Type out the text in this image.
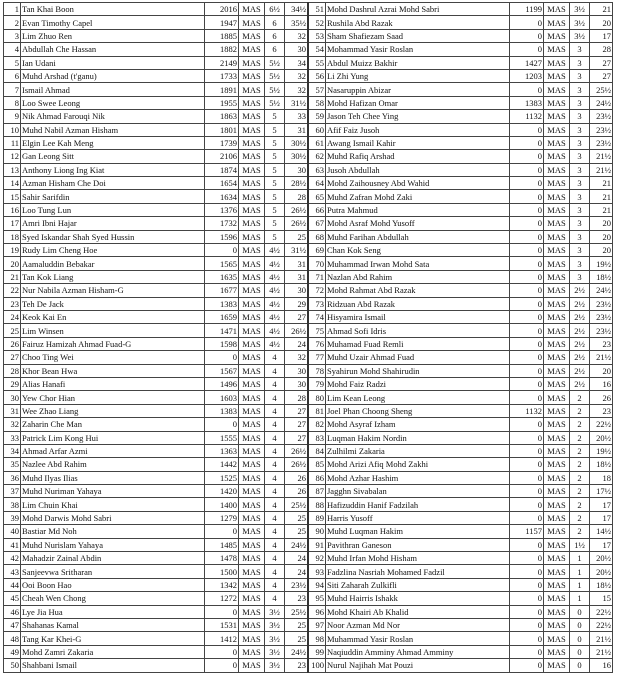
1	Tan Khai Boon	2016	MAS	6½	34½	51	Mohd Dashrul Azrai Mohd Sabri	1199	MAS	3½	21
2	Evan Timothy Capel	1947	MAS	6	35½	52	Rushila Abd Razak	0	MAS	3½	20
3	Lim Zhuo Ren	1885	MAS	6	32	53	Sham Shafiezam Saad	0	MAS	3½	17
4	Abdullah Che Hassan	1882	MAS	6	30	54	Mohammad Yasir Roslan	0	MAS	3	28
5	Ian Udani	2149	MAS	5½	34	55	Abdul Muizz Bakhir	1427	MAS	3	27
6	Muhd Arshad (t'ganu)	1733	MAS	5½	32	56	Li Zhi Yung	1203	MAS	3	27
7	Ismail Ahmad	1891	MAS	5½	32	57	Nasaruppin Abizar	0	MAS	3	25½
8	Loo Swee Leong	1955	MAS	5½	31½	58	Mohd Hafizan Omar	1383	MAS	3	24½
9	Nik Ahmad Farouqi Nik	1863	MAS	5	33	59	Jason Teh Chee Ying	1132	MAS	3	23½
10	Muhd Nabil Azman Hisham	1801	MAS	5	31	60	Afif Faiz Jusoh	0	MAS	3	23½
11	Elgin Lee Kah Meng	1739	MAS	5	30½	61	Awang Ismail Kahir	0	MAS	3	23½
12	Gan Leong Sitt	2106	MAS	5	30½	62	Muhd Rafiq Arshad	0	MAS	3	21½
13	Anthony Liong Ing Kiat	1874	MAS	5	30	63	Jusoh Abdullah	0	MAS	3	21½
14	Azman Hisham Che Doi	1654	MAS	5	28½	64	Mohd Zaihousney Abd Wahid	0	MAS	3	21
15	Sahir Sarifdin	1634	MAS	5	28	65	Muhd Zafran Mohd Zaki	0	MAS	3	21
16	Loo Tung Lun	1376	MAS	5	26½	66	Putra Mahmud	0	MAS	3	21
17	Amri Ibni Hajar	1732	MAS	5	26½	67	Mohd Asraf Mohd Yusoff	0	MAS	3	20
18	Syed Iskandar Shah Syed Hussin	1596	MAS	5	25	68	Muhd Farihan Abdullah	0	MAS	3	20
19	Rudy Lim Cheng Hoe	0	MAS	4½	31½	69	Chan Kok Seng	0	MAS	3	20
20	Aamaluddin Bebakar	1565	MAS	4½	31	70	Muhammad Irwan Mohd Sata	0	MAS	3	19½
21	Tan Kok Liang	1635	MAS	4½	31	71	Nazlan Abd Rahim	0	MAS	3	18½
22	Nur Nabila Azman Hisham-G	1677	MAS	4½	30	72	Mohd Rahmat Abd Razak	0	MAS	2½	24½
23	Teh De Jack	1383	MAS	4½	29	73	Ridzuan Abd Razak	0	MAS	2½	23½
24	Keok Kai En	1659	MAS	4½	27	74	Hisyamira Ismail	0	MAS	2½	23½
25	Lim Winsen	1471	MAS	4½	26½	75	Ahmad Sofi Idris	0	MAS	2½	23½
26	Fairuz Hamizah Ahmad Fuad-G	1598	MAS	4½	24	76	Muhamad Fuad Remli	0	MAS	2½	23
27	Choo Ting Wei	0	MAS	4	32	77	Muhd Uzair Ahmad Fuad	0	MAS	2½	21½
28	Khor Bean Hwa	1567	MAS	4	30	78	Syahirun Mohd Shahirudin	0	MAS	2½	20
29	Alias Hanafi	1496	MAS	4	30	79	Mohd Faiz Radzi	0	MAS	2½	16
30	Yew Chor Hian	1603	MAS	4	28	80	Lim Kean Leong	0	MAS	2	26
31	Wee Zhao Liang	1383	MAS	4	27	81	Joel Phan Choong Sheng	1132	MAS	2	23
32	Zaharin Che Man	0	MAS	4	27	82	Mohd Asyraf Izham	0	MAS	2	22½
33	Patrick Lim Kong Hui	1555	MAS	4	27	83	Luqman Hakim Nordin	0	MAS	2	20½
34	Ahmad Arfar Azmi	1363	MAS	4	26½	84	Zulhilmi Zakaria	0	MAS	2	19½
35	Nazlee Abd Rahim	1442	MAS	4	26½	85	Mohd Arizi Afiq Mohd Zakhi	0	MAS	2	18½
36	Muhd Ilyas Ilias	1525	MAS	4	26	86	Mohd Azhar Hashim	0	MAS	2	18
37	Muhd Nuriman Yahaya	1420	MAS	4	26	87	Jagghn Sivabalan	0	MAS	2	17½
38	Lim Chuin Khai	1400	MAS	4	25½	88	Hafizuddin Hanif Fadzilah	0	MAS	2	17
39	Mohd Darwis Mohd Sabri	1279	MAS	4	25	89	Harris Yusoff	0	MAS	2	17
40	Bastiar Md Noh	0	MAS	4	25	90	Muhd Luqman Hakim	1157	MAS	2	14½
41	Muhd Nurislam Yahaya	1485	MAS	4	24½	91	Pavithran Ganeson	0	MAS	1½	17
42	Mahadzir Zainal Abdin	1478	MAS	4	24	92	Muhd Irfan Mohd Hisham	0	MAS	1	20½
43	Sanjeevwa Sritharan	1500	MAS	4	24	93	Fadzlina Nasriah Mohamed Fadzil	0	MAS	1	20½
44	Ooi Boon Hao	1342	MAS	4	23½	94	Siti Zaharah Zulkifli	0	MAS	1	18½
45	Cheah Wen Chong	1272	MAS	4	23	95	Muhd Hairris Ishakk	0	MAS	1	15
46	Lye Jia Hua	0	MAS	3½	25½	96	Mohd Khairi Ab Khalid	0	MAS	0	22½
47	Shahanas Kamal	1531	MAS	3½	25	97	Noor Azman Md Nor	0	MAS	0	22½
48	Tang Kar Khei-G	1412	MAS	3½	25	98	Muhammad Yasir Roslan	0	MAS	0	21½
49	Mohd Zamri Zakaria	0	MAS	3½	24½	99	Naqiuddin Amminy Ahmad Amminy	0	MAS	0	21½
50	Shahbani Ismail	0	MAS	3½	23	100	Nurul Najihah Mat Pouzi	0	MAS	0	16
